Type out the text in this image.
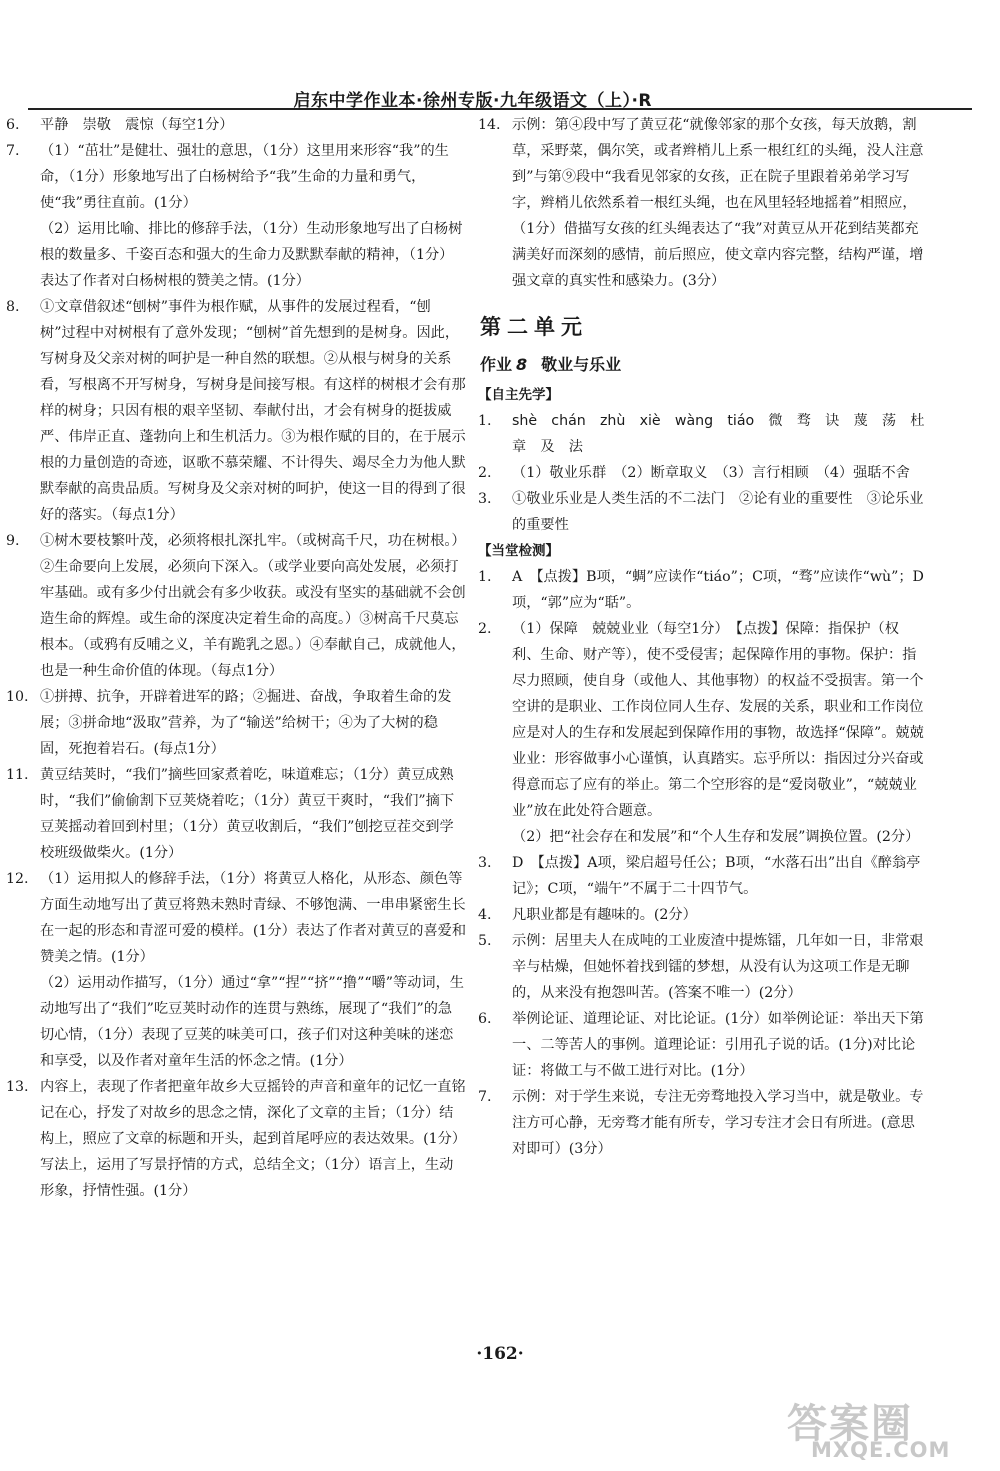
启东中学作业本·徐州专版·九年级语文（上）·R
6.	平静　崇敬　震惊（每空1分）
7.	（1）“茁壮”是健壮、强壮的意思，（1分）这里用来形容“我”的生命，（1分）形象地写出了白杨树给予“我”生命的力量和勇气，使“我”勇往直前。(1分）
（2）运用比喻、排比的修辞手法，（1分）生动形象地写出了白杨树根的数量多、千姿百态和强大的生命力及默默奉献的精神，（1分）表达了作者对白杨树根的赞美之情。(1分）
8.	①文章借叙述“刨树”事件为根作赋，从事件的发展过程看，“刨树”过程中对树根有了意外发现；“刨树”首先想到的是树身。因此，写树身及父亲对树的呵护是一种自然的联想。②从根与树身的关系看，写根离不开写树身，写树身是间接写根。有这样的树根才会有那样的树身；只因有根的艰辛坚韧、奉献付出，才会有树身的挺拔威严、伟岸正直、蓬勃向上和生机活力。③为根作赋的目的，在于展示根的力量创造的奇迹，讴歌不慕荣耀、不计得失、竭尽全力为他人默默奉献的高贵品质。写树身及父亲对树的呵护，使这一目的得到了很好的落实。（每点1分）
9.	①树木要枝繁叶茂，必须将根扎深扎牢。（或树高千尺，功在树根。）②生命要向上发展，必须向下深入。（或学业要向高处发展，必须打牢基础。或有多少付出就会有多少收获。或没有坚实的基础就不会创造生命的辉煌。或生命的深度决定着生命的高度。）③树高千尺莫忘根本。（或鸦有反哺之义，羊有跪乳之恩。）④奉献自己，成就他人，也是一种生命价值的体现。（每点1分）
10. ①拼搏、抗争，开辟着进军的路；②掘进、奋战，争取着生命的发展；③拼命地“汲取”营养，为了“输送”给树干；④为了大树的稳固，死抱着岩石。(每点1分）
11. 黄豆结荚时，“我们”摘些回家煮着吃，味道难忘；（1分）黄豆成熟时，“我们”偷偷割下豆荚烧着吃；（1分）黄豆干爽时，“我们”摘下豆荚摇动着回到村里；（1分）黄豆收割后，“我们”刨挖豆茬交到学校班级做柴火。(1分）
12. （1）运用拟人的修辞手法，（1分）将黄豆人格化，从形态、颜色等方面生动地写出了黄豆将熟未熟时青绿、不够饱满、一串串紧密生长在一起的形态和青涩可爱的模样。(1分）表达了作者对黄豆的喜爱和赞美之情。(1分）
（2）运用动作描写，（1分）通过“拿”“捏”“挤”“撸”“嚼”等动词，生动地写出了“我们”吃豆荚时动作的连贯与熟练，展现了“我们”的急切心情，（1分）表现了豆荚的味美可口，孩子们对这种美味的迷恋和享受，以及作者对童年生活的怀念之情。(1分）
13. 内容上，表现了作者把童年故乡大豆摇铃的声音和童年的记忆一直铭记在心，抒发了对故乡的思念之情，深化了文章的主旨；（1分）结构上，照应了文章的标题和开头，起到首尾呼应的表达效果。(1分）写法上，运用了写景抒情的方式，总结全文；（1分）语言上，生动形象，抒情性强。(1分）
14. 示例：第④段中写了黄豆花“就像邻家的那个女孩，每天放鹅，割草，采野菜，偶尔笑，或者辫梢儿上系一根红红的头绳，没人注意到”与第⑨段中“我看见邻家的女孩，正在院子里跟着弟弟学习写字，辫梢儿依然系着一根红头绳，也在风里轻轻地摇着”相照应，（1分）借描写女孩的红头绳表达了“我”对黄豆从开花到结荚都充满美好而深刻的感情，前后照应，使文章内容完整，结构严谨，增强文章的真实性和感染力。(3分）
第二单元
作业 8 敬业与乐业
【自主先学】
1.	shè　chán　zhù　xiè　wàng　tiáo　微　骛　诀　蔑　荡　杜　章　及　法
2.	（1）敬业乐群　（2）断章取义　（3）言行相顾　（4）强聒不舍
3.	①敬业乐业是人类生活的不二法门　②论有业的重要性　③论乐业的重要性
【当堂检测】
1.	A　【点拨】B项，“蜩”应读作“tiáo”；C项，“骛”应读作“wù”；D项，“郭”应为“聒”。
2.	（1）保障　兢兢业业（每空1分）　【点拨】保障：指保护（权利、生命、财产等），使不受侵害；起保障作用的事物。保护：指尽力照顾，使自身（或他人、其他事物）的权益不受损害。第一个空讲的是职业、工作岗位同人生存、发展的关系，职业和工作岗位应是对人的生存和发展起到保障作用的事物，故选择“保障”。兢兢业业：形容做事小心谨慎，认真踏实。忘乎所以：指因过分兴奋或得意而忘了应有的举止。第二个空形容的是“爱岗敬业”，“兢兢业业”放在此处符合题意。
（2）把“社会存在和发展”和“个人生存和发展”调换位置。(2分）
3.	D　【点拨】A项，梁启超号任公；B项，“水落石出”出自《醉翁亭记》；C项，“端午”不属于二十四节气。
4.	凡职业都是有趣味的。(2分）
5.	示例：居里夫人在成吨的工业废渣中提炼镭，几年如一日，非常艰辛与枯燥，但她怀着找到镭的梦想，从没有认为这项工作是无聊的，从来没有抱怨叫苦。(答案不唯一）(2分）
6.	举例论证、道理论证、对比论证。(1分）如举例论证：举出天下第一、二等苦人的事例。道理论证：引用孔子说的话。(1分)对比论证：将做工与不做工进行对比。(1分）
7.	示例：对于学生来说，专注无旁骛地投入学习当中，就是敬业。专注方可心静，无旁骛才能有所专，学习专注才会日有所进。(意思对即可）(3分）
·162·
答案圈
MXQE.COM
